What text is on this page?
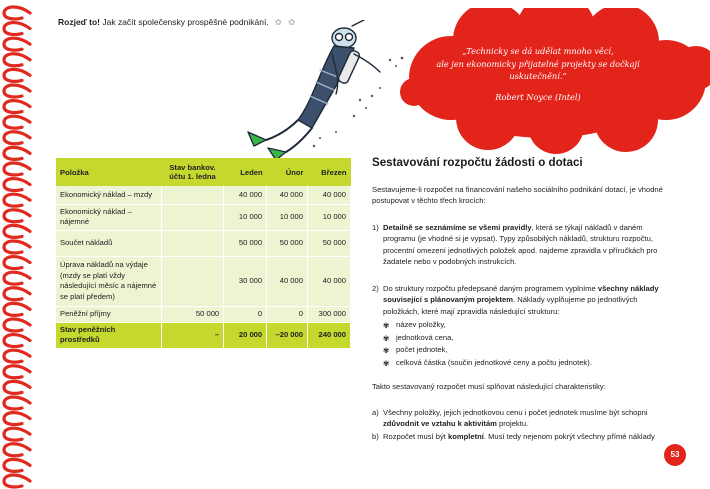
Rozjeď to! Jak začít společensky prospěšné podnikání. ✿ ✿
„Technicky se dá udělat mnoho věcí,
ale jen ekonomicky přijatelné projekty se dočkají
uskutečnění.“
Robert Noyce (Intel)
Položka	Stav bankov. účtu 1. ledna	Leden	Únor	Březen
Ekonomický náklad – mzdy		40 000	40 000	40 000
Ekonomický náklad – nájemné		10 000	10 000	10 000
Součet nákladů		50 000	50 000	50 000
Úprava nákladů na výdaje (mzdy se platí vždy následující měsíc a nájemné se platí předem)		30 000	40 000	40 000
Peněžní příjmy	50 000	0	0	300 000
Stav peněžních prostředků	–	20 000	–20 000	240 000
Sestavování rozpočtu žádosti o dotaci
Sestavujeme-li rozpočet na financování našeho sociálního podnikání dotací, je vhodné postupovat v těchto třech krocích:
1) Detailně se seznámíme se všemi pravidly, která se týkají nákladů v daném programu (je vhodné si je vypsat). Typy způsobilých nákladů, strukturu rozpočtu, procentní omezení jednotlivých položek apod. najdeme zpravidla v příručkách pro žadatele nebo v podobných instrukcích.
2) Do struktury rozpočtu předepsané daným programem vyplníme všechny náklady související s plánovaným projektem. Náklady vyplňujeme po jednotlivých položkách, které mají zpravidla následující strukturu:
✾ název položky,
✾ jednotková cena,
✾ počet jednotek,
✾ celková částka (součin jednotkové ceny a počtu jednotek).
Takto sestavovaný rozpočet musí splňovat následující charakteristiky:
a) Všechny položky, jejich jednotkovou cenu i počet jednotek musíme být schopni zdůvodnit ve vztahu k aktivitám projektu.
b) Rozpočet musí být kompletní. Musí tedy nejenom pokrýt všechny přímé náklady
53
